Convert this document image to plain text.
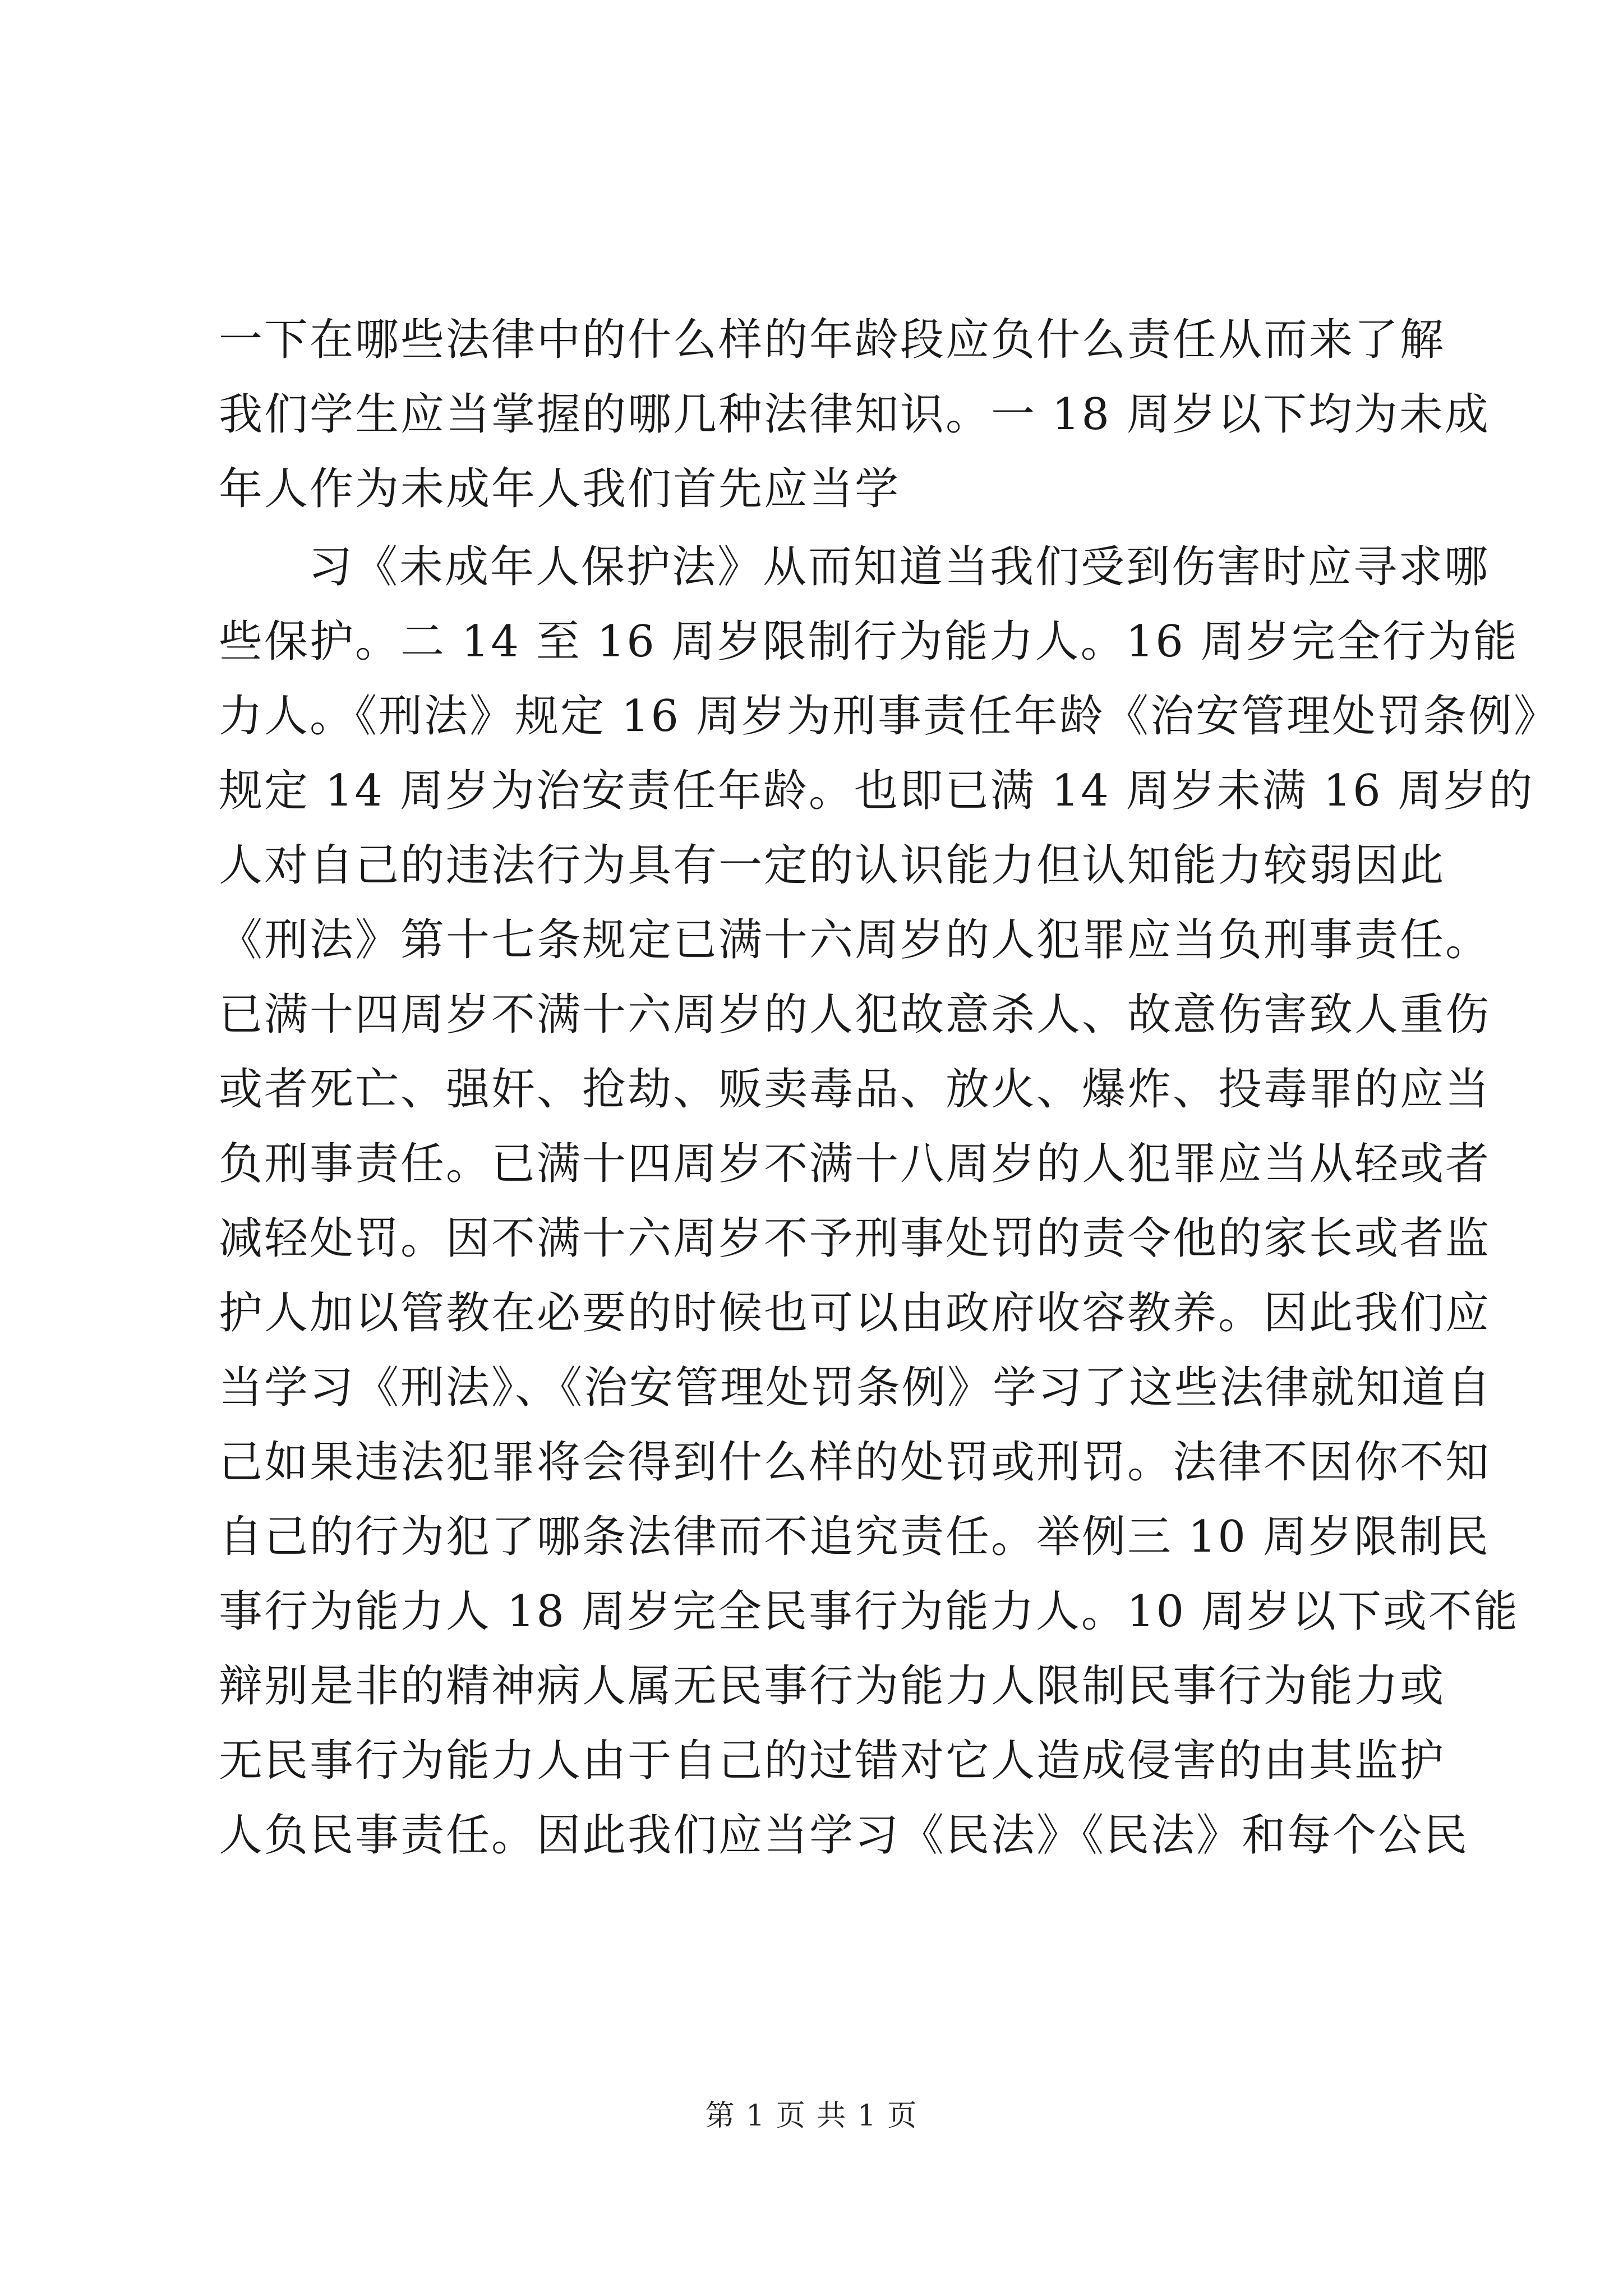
一下在哪些法律中的什么样的年龄段应负什么责任从而来了解
我们学生应当掌握的哪几种法律知识。一 18 周岁以下均为未成
年人作为未成年人我们首先应当学
习《未成年人保护法》从而知道当我们受到伤害时应寻求哪
些保护。二 14 至 16 周岁限制行为能力人。16 周岁完全行为能
力人。《刑法》规定 16 周岁为刑事责任年龄《治安管理处罚条例》
规定 14 周岁为治安责任年龄。也即已满 14 周岁未满 16 周岁的
人对自己的违法行为具有一定的认识能力但认知能力较弱因此
《刑法》第十七条规定已满十六周岁的人犯罪应当负刑事责任。
已满十四周岁不满十六周岁的人犯故意杀人、故意伤害致人重伤
或者死亡、强奸、抢劫、贩卖毒品、放火、爆炸、投毒罪的应当
负刑事责任。已满十四周岁不满十八周岁的人犯罪应当从轻或者
减轻处罚。因不满十六周岁不予刑事处罚的责令他的家长或者监
护人加以管教在必要的时候也可以由政府收容教养。因此我们应
当学习《刑法》、《治安管理处罚条例》学习了这些法律就知道自
己如果违法犯罪将会得到什么样的处罚或刑罚。法律不因你不知
自己的行为犯了哪条法律而不追究责任。举例三 10 周岁限制民
事行为能力人 18 周岁完全民事行为能力人。10 周岁以下或不能
辩别是非的精神病人属无民事行为能力人限制民事行为能力或
无民事行为能力人由于自己的过错对它人造成侵害的由其监护
人负民事责任。因此我们应当学习《民法》《民法》和每个公民
第 1 页 共 1 页
